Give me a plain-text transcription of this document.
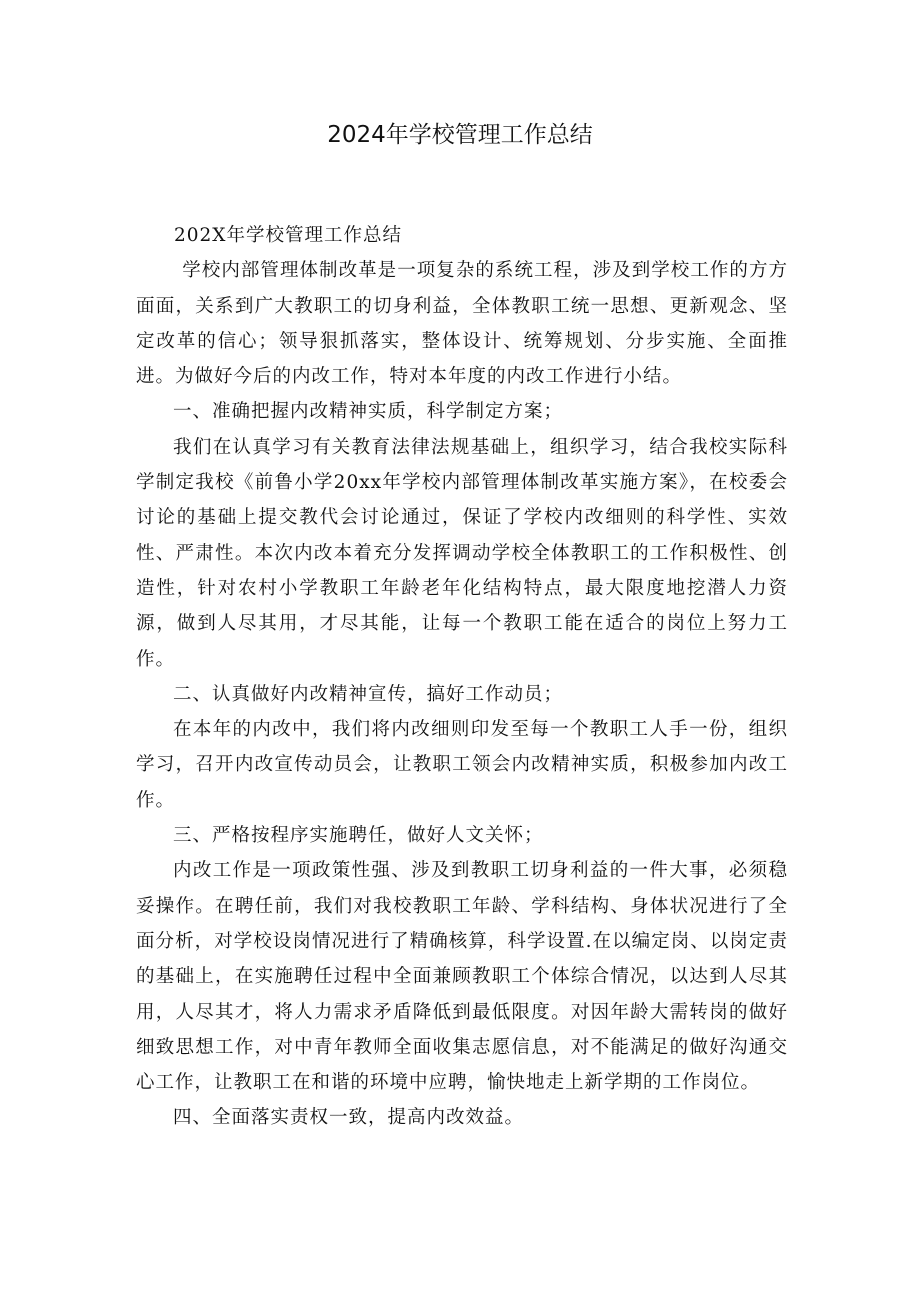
2024年学校管理工作总结

202X年学校管理工作总结

学校内部管理体制改革是一项复杂的系统工程，涉及到学校工作的方方面面，关系到广大教职工的切身利益，全体教职工统一思想、更新观念、坚定改革的信心；领导狠抓落实，整体设计、统筹规划、分步实施、全面推进。为做好今后的内改工作，特对本年度的内改工作进行小结。

一、准确把握内改精神实质，科学制定方案；

我们在认真学习有关教育法律法规基础上，组织学习，结合我校实际科学制定我校《前鲁小学20xx年学校内部管理体制改革实施方案》，在校委会讨论的基础上提交教代会讨论通过，保证了学校内改细则的科学性、实效性、严肃性。本次内改本着充分发挥调动学校全体教职工的工作积极性、创造性，针对农村小学教职工年龄老年化结构特点，最大限度地挖潜人力资源，做到人尽其用，才尽其能，让每一个教职工能在适合的岗位上努力工作。

二、认真做好内改精神宣传，搞好工作动员；

在本年的内改中，我们将内改细则印发至每一个教职工人手一份，组织学习，召开内改宣传动员会，让教职工领会内改精神实质，积极参加内改工作。

三、严格按程序实施聘任，做好人文关怀；

内改工作是一项政策性强、涉及到教职工切身利益的一件大事，必须稳妥操作。在聘任前，我们对我校教职工年龄、学科结构、身体状况进行了全面分析，对学校设岗情况进行了精确核算，科学设置.在以编定岗、以岗定责的基础上，在实施聘任过程中全面兼顾教职工个体综合情况，以达到人尽其用，人尽其才，将人力需求矛盾降低到最低限度。对因年龄大需转岗的做好细致思想工作，对中青年教师全面收集志愿信息，对不能满足的做好沟通交心工作，让教职工在和谐的环境中应聘，愉快地走上新学期的工作岗位。

四、全面落实责权一致，提高内改效益。
